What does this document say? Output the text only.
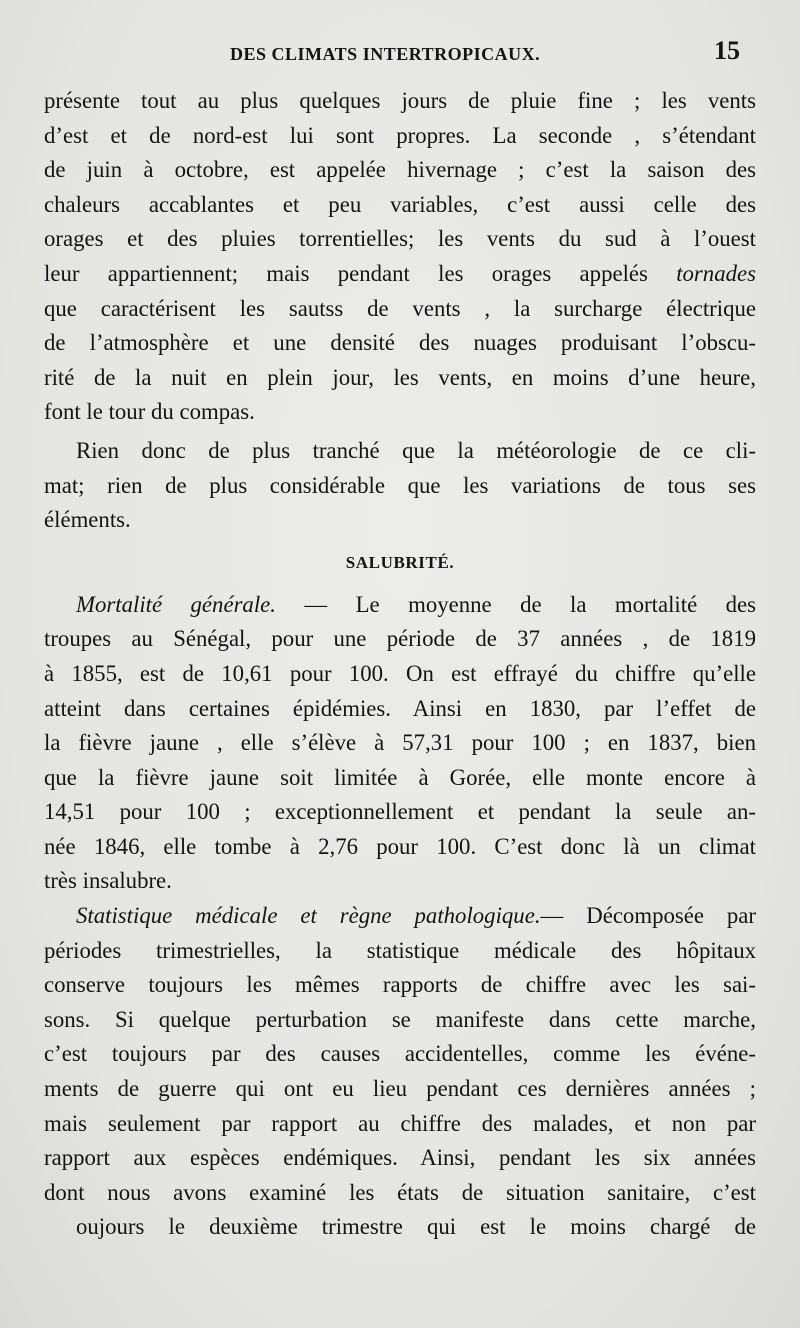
DES CLIMATS INTERTROPICAUX.	15
présente tout au plus quelques jours de pluie fine ; les vents
d’est et de nord-est lui sont propres. La seconde , s’étendant
de juin à octobre, est appelée hivernage ; c’est la saison des
chaleurs accablantes et peu variables, c’est aussi celle des
orages et des pluies torrentielles; les vents du sud à l’ouest
leur appartiennent; mais pendant les orages appelés tornades
que caractérisent les sautss de vents , la surcharge électrique
de l’atmosphère et une densité des nuages produisant l’obscu-
rité de la nuit en plein jour, les vents, en moins d’une heure,
font le tour du compas.
Rien donc de plus tranché que la météorologie de ce cli-
mat; rien de plus considérable que les variations de tous ses
éléments.
SALUBRITÉ.
Mortalité générale. — Le moyenne de la mortalité des
troupes au Sénégal, pour une période de 37 années , de 1819
à 1855, est de 10,61 pour 100. On est effrayé du chiffre qu’elle
atteint dans certaines épidémies. Ainsi en 1830, par l’effet de
la fièvre jaune , elle s’élève à 57,31 pour 100 ; en 1837, bien
que la fièvre jaune soit limitée à Gorée, elle monte encore à
14,51 pour 100 ; exceptionnellement et pendant la seule an-
née 1846, elle tombe à 2,76 pour 100. C’est donc là un climat
très insalubre.
Statistique médicale et règne pathologique.— Décomposée par
périodes trimestrielles, la statistique médicale des hôpitaux
conserve toujours les mêmes rapports de chiffre avec les sai-
sons. Si quelque perturbation se manifeste dans cette marche,
c’est toujours par des causes accidentelles, comme les événe-
ments de guerre qui ont eu lieu pendant ces dernières années ;
mais seulement par rapport au chiffre des malades, et non par
rapport aux espèces endémiques. Ainsi, pendant les six années
dont nous avons examiné les états de situation sanitaire, c’est
oujours le deuxième trimestre qui est le moins chargé de
